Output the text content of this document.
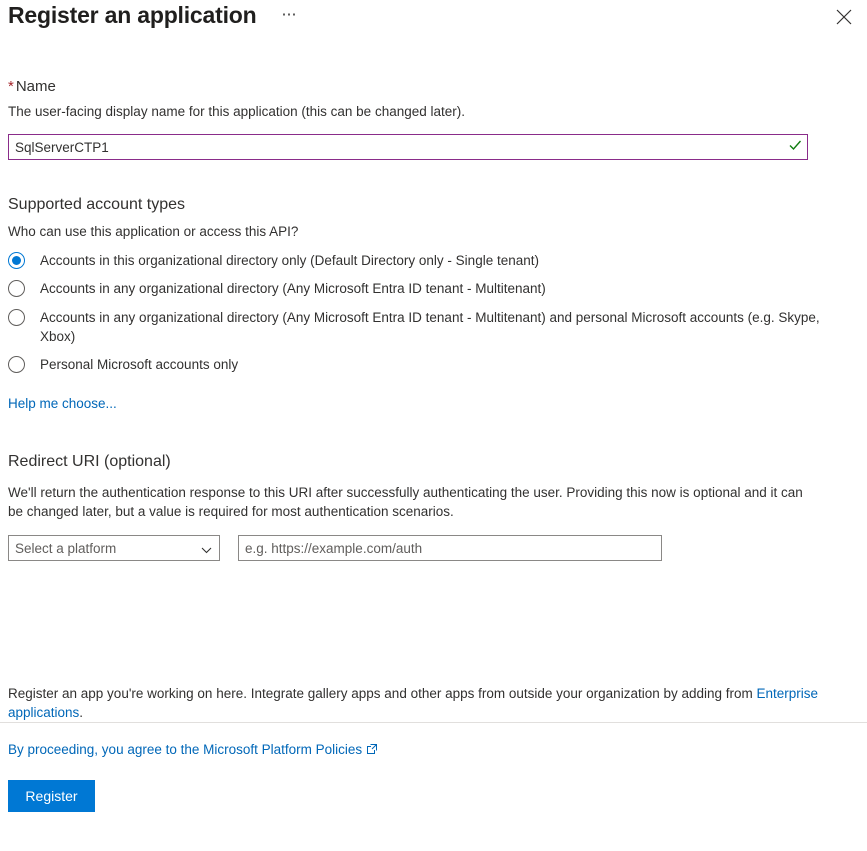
Register an application ⋯
* Name
The user-facing display name for this application (this can be changed later).
SqlServerCTP1
Supported account types
Who can use this application or access this API?
Accounts in this organizational directory only (Default Directory only - Single tenant)
Accounts in any organizational directory (Any Microsoft Entra ID tenant - Multitenant)
Accounts in any organizational directory (Any Microsoft Entra ID tenant - Multitenant) and personal Microsoft accounts (e.g. Skype, Xbox)
Personal Microsoft accounts only
Help me choose...
Redirect URI (optional)
We'll return the authentication response to this URI after successfully authenticating the user. Providing this now is optional and it can be changed later, but a value is required for most authentication scenarios.
Select a platform
e.g. https://example.com/auth
Register an app you're working on here. Integrate gallery apps and other apps from outside your organization by adding from Enterprise applications.
By proceeding, you agree to the Microsoft Platform Policies
Register
